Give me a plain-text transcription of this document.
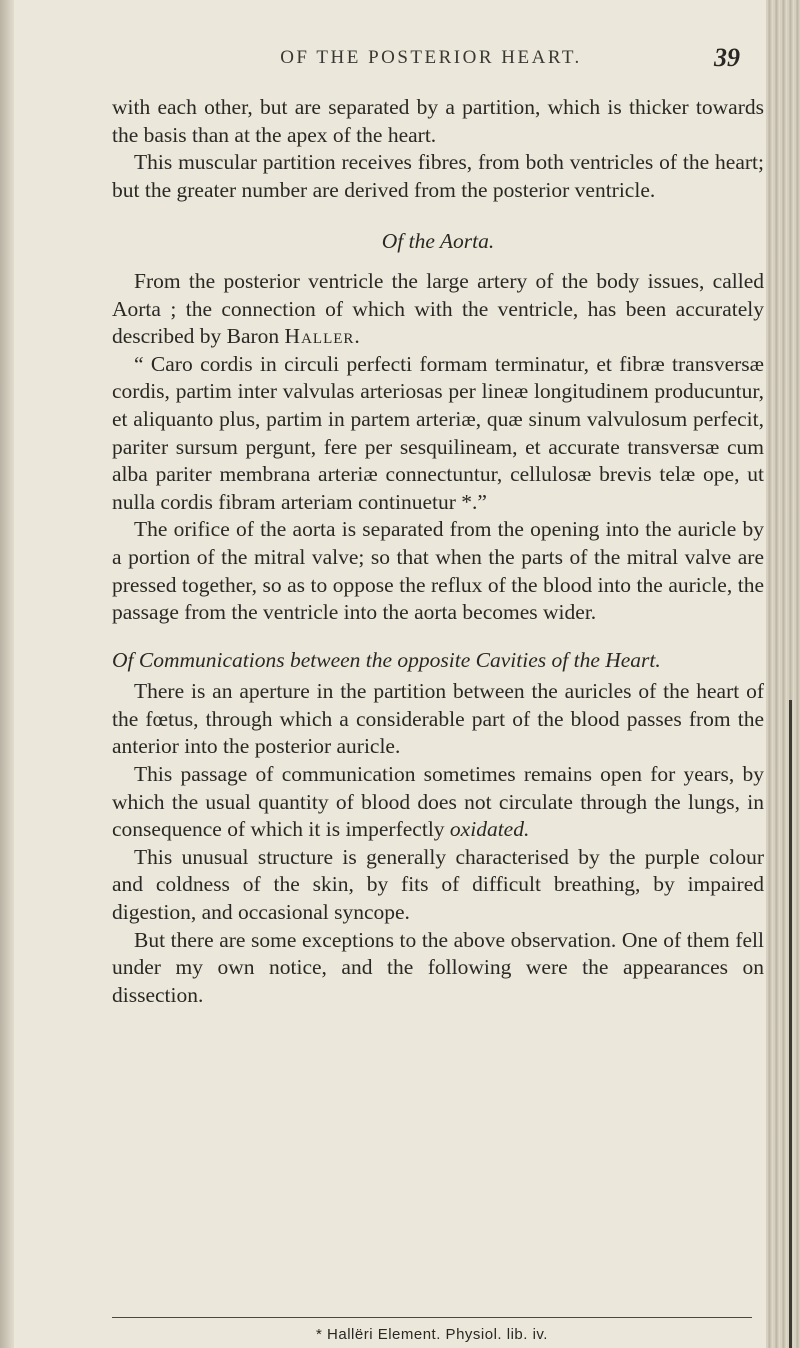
OF THE POSTERIOR HEART.	39

with each other, but are separated by a partition, which is thicker towards the basis than at the apex of the heart.

This muscular partition receives fibres, from both ventricles of the heart; but the greater number are derived from the posterior ventricle.

Of the Aorta.

From the posterior ventricle the large artery of the body issues, called Aorta ; the connection of which with the ventricle, has been accurately described by Baron Haller.

“ Caro cordis in circuli perfecti formam terminatur, et fibræ transversæ cordis, partim inter valvulas arteriosas per lineæ longitudinem producuntur, et aliquanto plus, partim in partem arteriæ, quæ sinum valvulosum perfecit, pariter sursum pergunt, fere per sesquilineam, et accurate transversæ cum alba pariter membrana arteriæ connectuntur, cellulosæ brevis telæ ope, ut nulla cordis fibram arteriam continuetur *.”

The orifice of the aorta is separated from the opening into the auricle by a portion of the mitral valve; so that when the parts of the mitral valve are pressed together, so as to oppose the reflux of the blood into the auricle, the passage from the ventricle into the aorta becomes wider.

Of Communications between the opposite Cavities of the Heart.

There is an aperture in the partition between the auricles of the heart of the fœtus, through which a considerable part of the blood passes from the anterior into the posterior auricle.

This passage of communication sometimes remains open for years, by which the usual quantity of blood does not circulate through the lungs, in consequence of which it is imperfectly oxidated.

This unusual structure is generally characterised by the purple colour and coldness of the skin, by fits of difficult breathing, by impaired digestion, and occasional syncope.

But there are some exceptions to the above observation. One of them fell under my own notice, and the following were the appearances on dissection.

* Hallëri Element. Physiol. lib. iv.
